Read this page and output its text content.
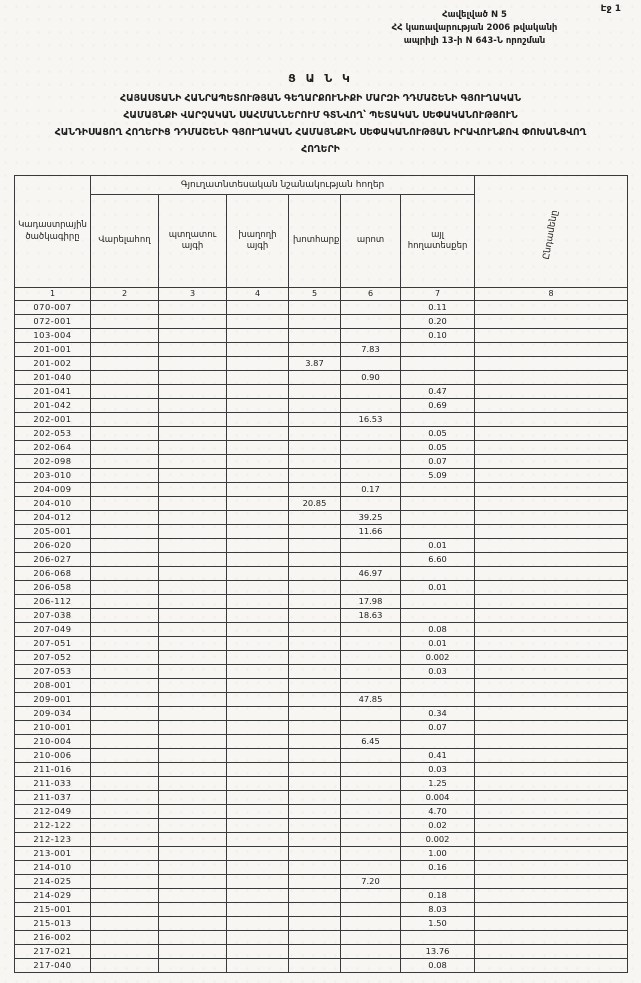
Էջ 1
Հավելված N 5
ՀՀ կառավարության 2006 թվականի
ապրիլի 13-ի N 643-Ն որոշման
Ց Ա Ն Կ
ՀԱՅԱՍՏԱՆԻ ՀԱՆՐԱՊԵՏՈՒԹՅԱՆ ԳԵՂԱՐՔՈՒՆԻՔԻ ՄԱՐԶԻ ԴԴՄԱՇԵՆԻ ԳՅՈՒՂԱԿԱՆ
ՀԱՄԱՅՆՔԻ ՎԱՐՉԱԿԱՆ ՍԱՀՄԱՆՆԵՐՈՒՄ ԳՏՆՎՈՂ՝ ՊԵՏԱԿԱՆ ՍԵՓԱԿԱՆՈՒԹՅՈՒՆ
ՀԱՆԴԻՍԱՑՈՂ ՀՈՂԵՐԻՑ ԴԴՄԱՇԵՆԻ ԳՅՈՒՂԱԿԱՆ ՀԱՄԱՅՆՔԻՆ ՍԵՓԱԿԱՆՈՒԹՅԱՆ ԻՐԱՎՈՒՆՔՈՎ ՓՈԽԱՆՑՎՈՂ
ՀՈՂԵՐԻ
Կադաստրային ծածկագիրը	Գյուղատնտեսական նշանակության հողեր						Ընդամենը
	Վարելահող	պտղատու այգի	խաղողի այգի	խոտհարք	արոտ	այլ հողատեսքեր	
1	2	3	4	5	6	7	8
070-007						0.11	
072-001						0.20	
103-004						0.10	
201-001					7.83		
201-002				3.87			
201-040					0.90		
201-041						0.47	
201-042						0.69	
202-001					16.53		
202-053						0.05	
202-064						0.05	
202-098						0.07	
203-010						5.09	
204-009					0.17		
204-010				20.85			
204-012					39.25		
205-001					11.66		
206-020						0.01	
206-027						6.60	
206-068					46.97		
206-058						0.01	
206-112					17.98		
207-038					18.63		
207-049						0.08	
207-051						0.01	
207-052						0.002	
207-053						0.03	
208-001							
209-001					47.85		
209-034						0.34	
210-001						0.07	
210-004					6.45		
210-006						0.41	
211-016						0.03	
211-033						1.25	
211-037						0.004	
212-049						4.70	
212-122						0.02	
212-123						0.002	
213-001						1.00	
214-010						0.16	
214-025					7.20		
214-029						0.18	
215-001						8.03	
215-013						1.50	
216-002							
217-021						13.76	
217-040						0.08	
